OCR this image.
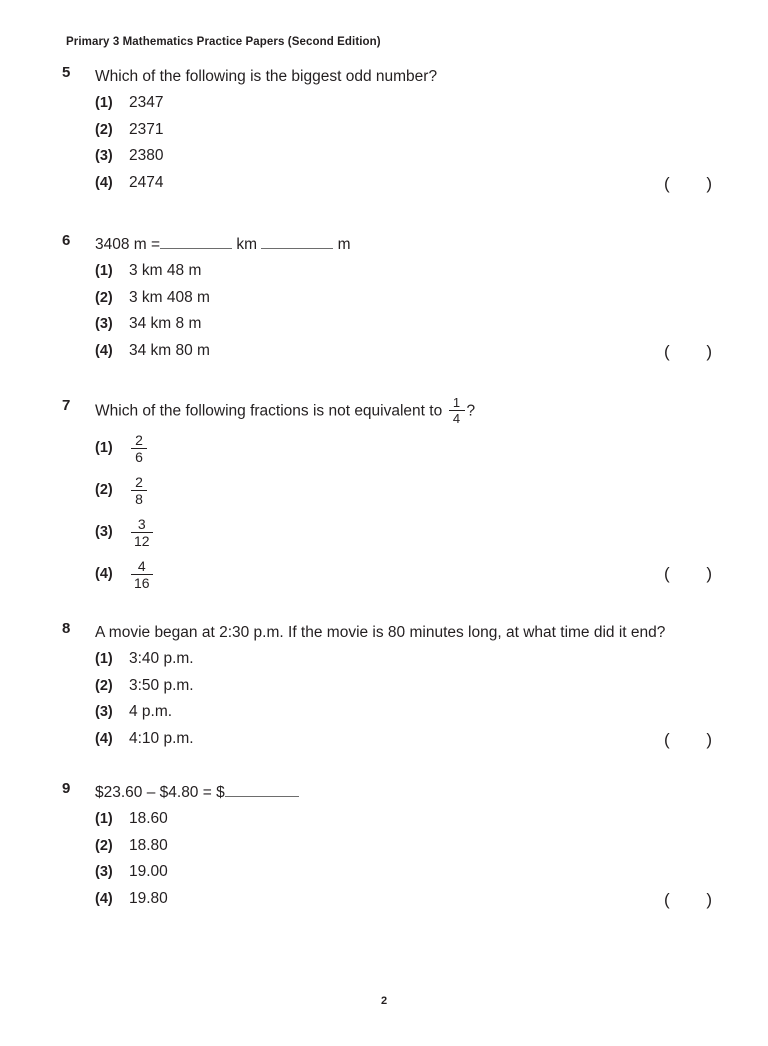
Primary 3 Mathematics Practice Papers (Second Edition)
5	Which of the following is the biggest odd number?
(1)	2347
(2)	2371
(3)	2380
(4)	2474	( )
6	3408 m =	km	m
(1)	3 km 48 m
(2)	3 km 408 m
(3)	34 km 8 m
(4)	34 km 80 m	( )
7	Which of the following fractions is not equivalent to $\frac{1}{4}$ ?
(1)	$\frac{2}{6}$
(2)	$\frac{2}{8}$
(3)	$\frac{3}{12}$
(4)	$\frac{4}{16}$	( )
8	A movie began at 2:30 p.m. If the movie is 80 minutes long, at what time did it end?
(1)	3:40 p.m.
(2)	3:50 p.m.
(3)	4 p.m.
(4)	4:10 p.m.	( )
9	$23.60 – $4.80 = $
(1)	18.60
(2)	18.80
(3)	19.00
(4)	19.80	( )
2
